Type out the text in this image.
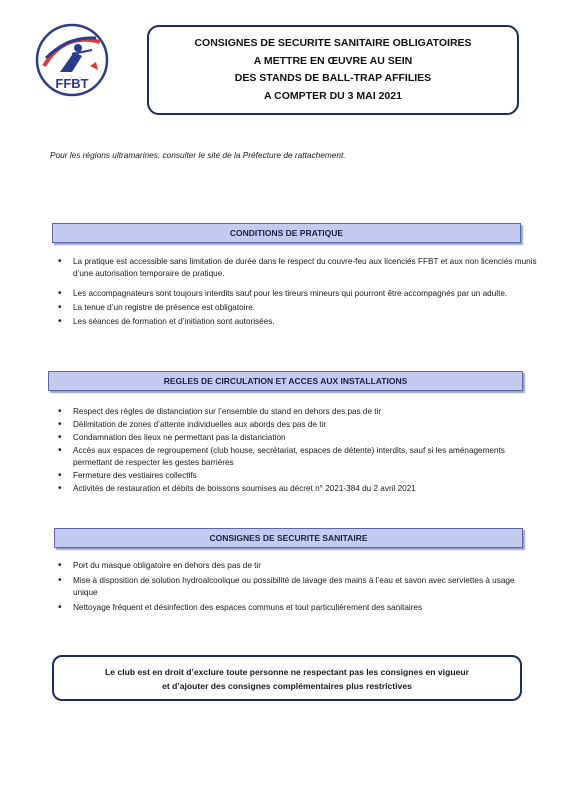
FFBT
CONSIGNES DE SECURITE SANITAIRE OBLIGATOIRES
A METTRE EN ŒUVRE AU SEIN
DES STANDS DE BALL-TRAP AFFILIES
A COMPTER DU 3 MAI 2021
Pour les régions ultramarines, consulter le site de la Préfecture de rattachement.
CONDITIONS DE PRATIQUE
• La pratique est accessible sans limitation de durée dans le respect du couvre-feu aux licenciés FFBT et aux non licenciés munis d’une autorisation temporaire de pratique.
• Les accompagnateurs sont toujours interdits sauf pour les tireurs mineurs qui pourront être accompagnés par un adulte.
• La tenue d’un registre de présence est obligatoire.
• Les séances de formation et d’initiation sont autorisées.
REGLES DE CIRCULATION ET ACCES AUX INSTALLATIONS
• Respect des règles de distanciation sur l’ensemble du stand en dehors des pas de tir
• Délimitation de zones d’attente individuelles aux abords des pas de tir
• Condamnation des lieux ne permettant pas la distanciation
• Accès aux espaces de regroupement (club house, secrétariat, espaces de détente) interdits, sauf si les aménagements permettant de respecter les gestes barrières
• Fermeture des vestiaires collectifs
• Activités de restauration et débits de boissons soumises au décret n° 2021-384 du 2 avril 2021
CONSIGNES DE SECURITE SANITAIRE
• Port du masque obligatoire en dehors des pas de tir
• Mise à disposition de solution hydroalcoolique ou possibilité de lavage des mains à l’eau et savon avec serviettes à usage unique
• Nettoyage fréquent et désinfection des espaces communs et tout particulièrement des sanitaires
Le club est en droit d’exclure toute personne ne respectant pas les consignes en vigueur
et d’ajouter des consignes complémentaires plus restrictives
